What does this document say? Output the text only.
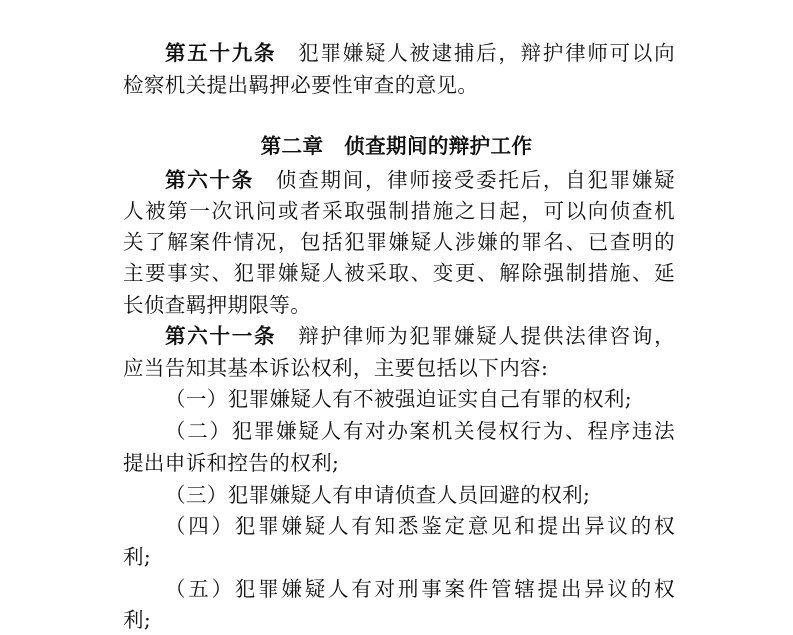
第五十九条 犯罪嫌疑人被逮捕后，辩护律师可以向
检察机关提出羁押必要性审查的意见。
第二章　侦查期间的辩护工作
第六十条 侦查期间，律师接受委托后，自犯罪嫌疑
人被第一次讯问或者采取强制措施之日起，可以向侦查机
关了解案件情况，包括犯罪嫌疑人涉嫌的罪名、已查明的
主要事实、犯罪嫌疑人被采取、变更、解除强制措施、延
长侦查羁押期限等。
第六十一条 辩护律师为犯罪嫌疑人提供法律咨询，
应当告知其基本诉讼权利，主要包括以下内容:
（一）犯罪嫌疑人有不被强迫证实自己有罪的权利;
（二）犯罪嫌疑人有对办案机关侵权行为、程序违法
提出申诉和控告的权利;
（三）犯罪嫌疑人有申请侦查人员回避的权利;
（四）犯罪嫌疑人有知悉鉴定意见和提出异议的权
利;
（五）犯罪嫌疑人有对刑事案件管辖提出异议的权
利;
